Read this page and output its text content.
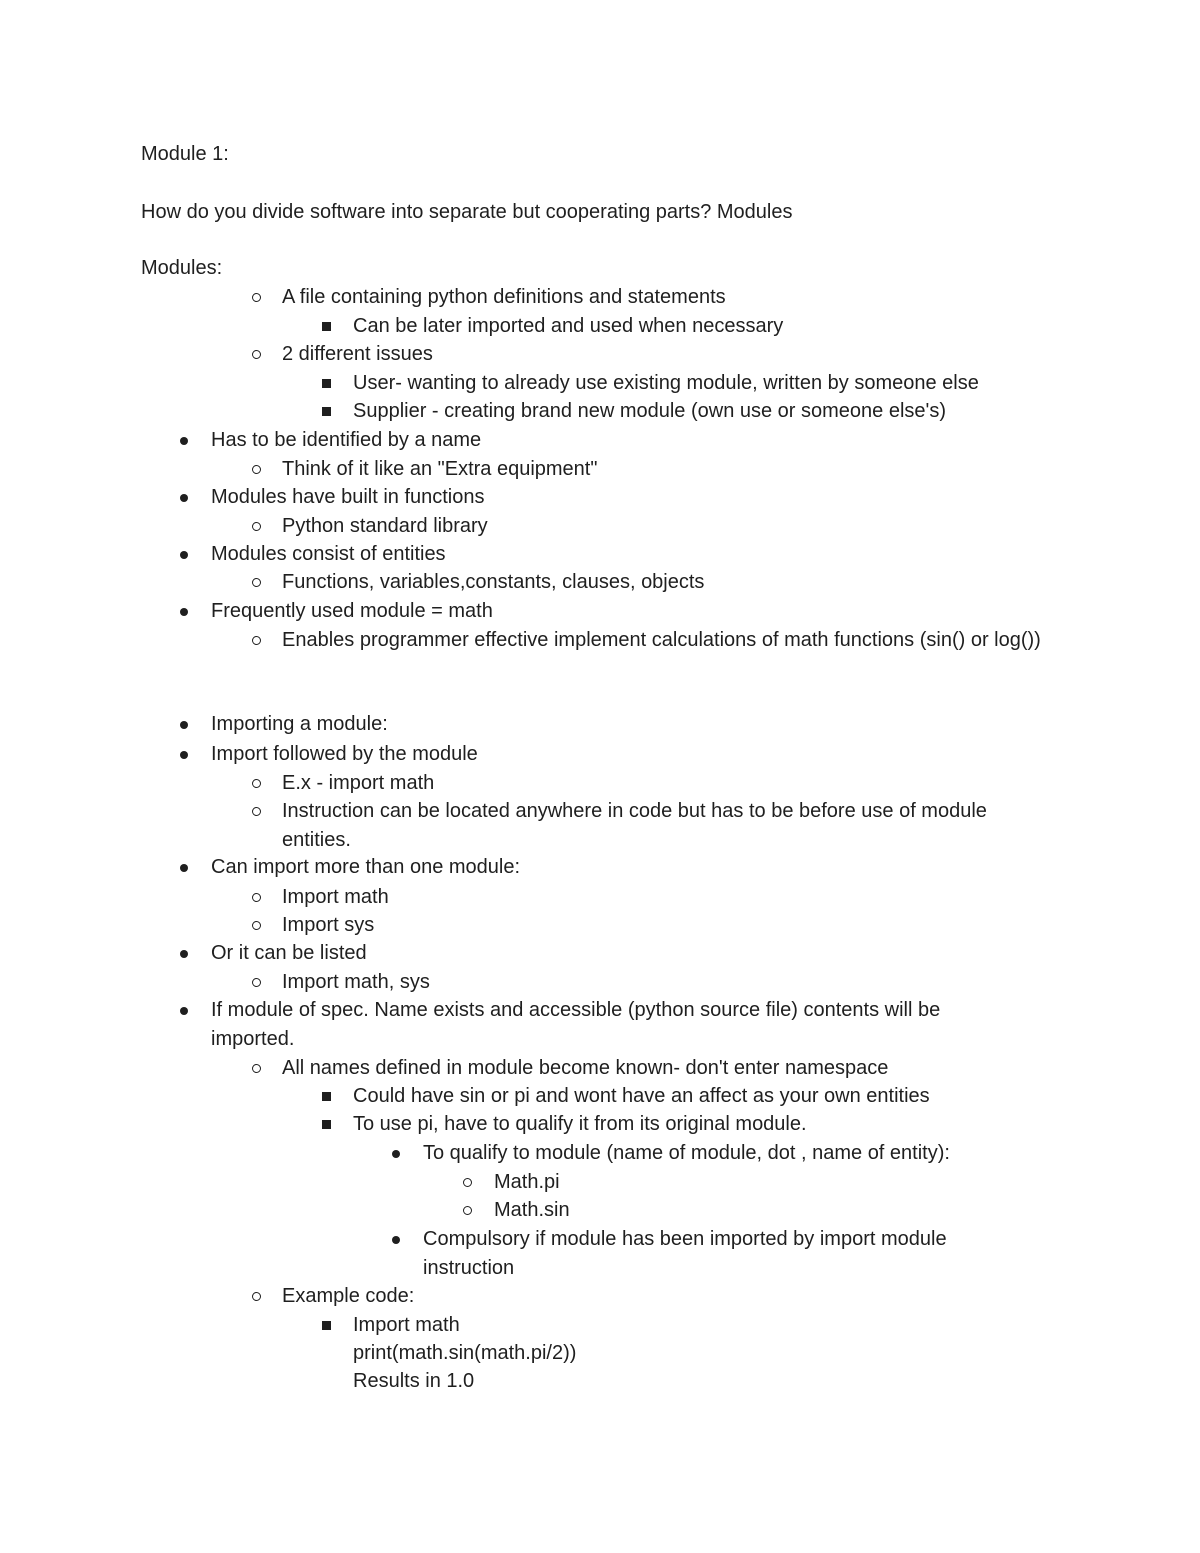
Module 1:
How do you divide software into separate but cooperating parts? Modules
Modules:
A file containing python definitions and statements
Can be later imported and used when necessary
2 different issues
User- wanting to already use existing module, written by someone else
Supplier - creating brand new module (own use or someone else's)
Has to be identified by a name
Think of it like an "Extra equipment"
Modules have built in functions
Python standard library
Modules consist of entities
Functions, variables,constants, clauses, objects
Frequently used module = math
Enables programmer effective implement calculations of math functions (sin() or log())
Importing a module:
Import followed by the module
E.x - import math
Instruction can be located anywhere in code but has to be before use of module entities.
Can import more than one module:
Import math
Import sys
Or it can be listed
Import math, sys
If module of spec. Name exists and accessible (python source file) contents will be imported.
All names defined in module become known- don't enter namespace
Could have sin or pi and wont have an affect as your own entities
To use pi, have to qualify it from its original module.
To qualify to module (name of module, dot , name of entity):
Math.pi
Math.sin
Compulsory if module has been imported by import module instruction
Example code:
Import math
print(math.sin(math.pi/2))
Results in 1.0
